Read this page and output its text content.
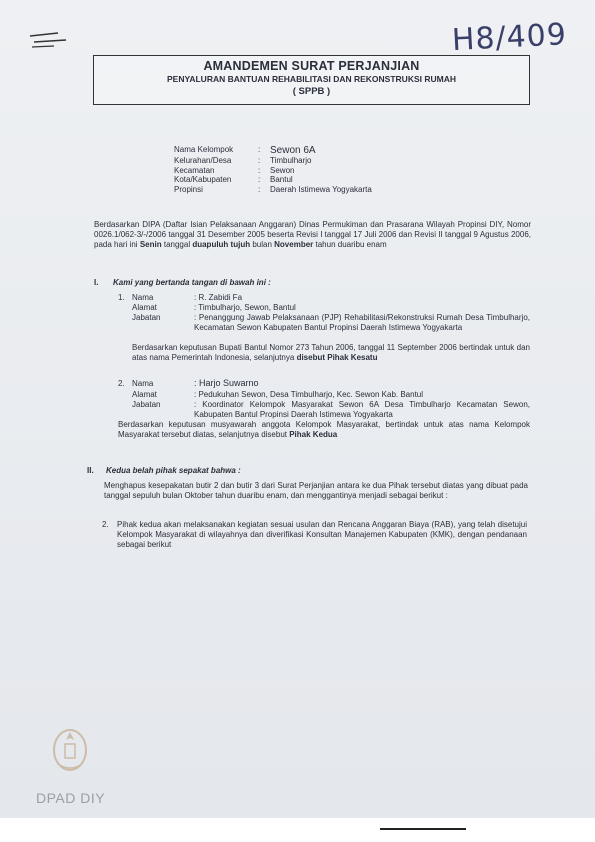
H8/409
AMANDEMEN SURAT PERJANJIAN
PENYALURAN BANTUAN REHABILITASI DAN REKONSTRUKSI RUMAH
( SPPB )
Nama Kelompok	: Sewon 6A
Kelurahan/Desa	: Timbulharjo
Kecamatan	: Sewon
Kota/Kabupaten	: Bantul
Propinsi	: Daerah Istimewa Yogyakarta
Berdasarkan DIPA (Daftar Isian Pelaksanaan Anggaran) Dinas Permukiman dan Prasarana Wilayah Propinsi DIY, Nomor 0026.1/062-3/-/2006 tanggal 31 Desember 2005 beserta Revisi I tanggal 17 Juli 2006 dan Revisi II tanggal 9 Agustus 2006, pada hari ini Senin tanggal duapuluh tujuh bulan November tahun duaribu enam
I. Kami yang bertanda tangan di bawah ini :
1. Nama	: R. Zabidi Fa
Alamat	: Timbulharjo, Sewon, Bantul
Jabatan	: Penanggung Jawab Pelaksanaan (PJP) Rehabilitasi/Rekonstruksi Rumah Desa Timbulharjo, Kecamatan Sewon Kabupaten Bantul Propinsi Daerah Istimewa Yogyakarta
Berdasarkan keputusan Bupati Bantul Nomor 273 Tahun 2006, tanggal 11 September 2006 bertindak untuk dan atas nama Pemerintah Indonesia, selanjutnya disebut Pihak Kesatu
2. Nama	: Harjo Suwarno
Alamat	: Pedukuhan Sewon, Desa Timbulharjo, Kec. Sewon Kab. Bantul
Jabatan	: Koordinator Kelompok Masyarakat Sewon 6A Desa Timbulharjo Kecamatan Sewon, Kabupaten Bantul Propinsi Daerah Istimewa Yogyakarta
Berdasarkan keputusan musyawarah anggota Kelompok Masyarakat, bertindak untuk atas nama Kelompok Masyarakat tersebut diatas, selanjutnya disebut Pihak Kedua
II. Kedua belah pihak sepakat bahwa :
Menghapus kesepakatan butir 2 dan butir 3 dari Surat Perjanjian antara ke dua Pihak tersebut diatas yang dibuat pada tanggal sepuluh bulan Oktober tahun duaribu enam, dan menggantinya menjadi sebagai berikut :
2. Pihak kedua akan melaksanakan kegiatan sesuai usulan dan Rencana Anggaran Biaya (RAB), yang telah disetujui Kelompok Masyarakat di wilayahnya dan diverifikasi Konsultan Manajemen Kabupaten (KMK), dengan pendanaan sebagai berikut
DPAD DIY
